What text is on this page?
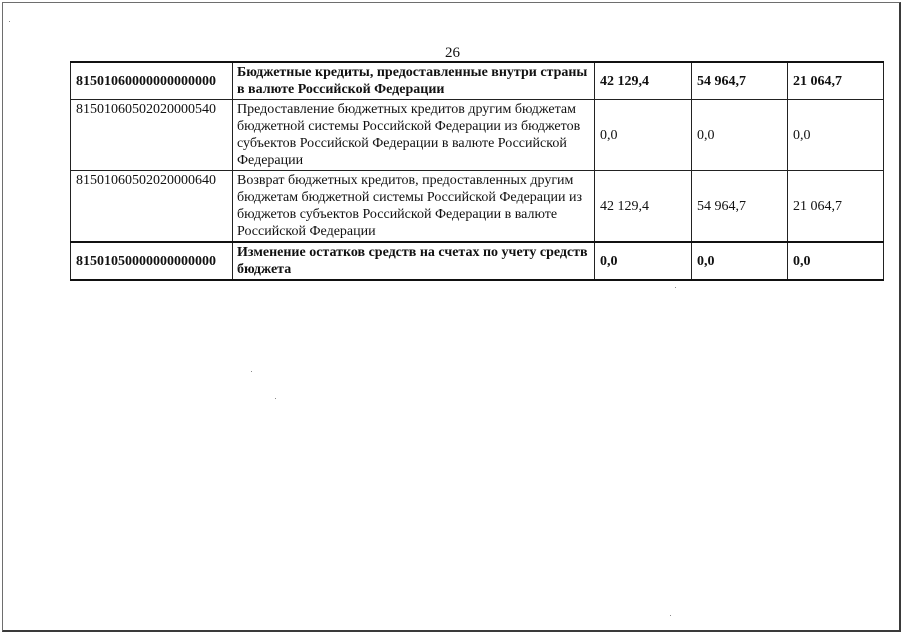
26
81501060000000000000	Бюджетные кредиты, предоставленные внутри страны в валюте Российской Федерации	42 129,4	54 964,7	21 064,7
81501060502020000540	Предоставление бюджетных кредитов другим бюджетам бюджетной системы Российской Федерации из бюджетов субъектов Российской Федерации в валюте Российской Федерации	0,0	0,0	0,0
81501060502020000640	Возврат бюджетных кредитов, предоставленных другим бюджетам бюджетной системы Российской Федерации из бюджетов субъектов Российской Федерации в валюте Российской Федерации	42 129,4	54 964,7	21 064,7
81501050000000000000	Изменение остатков средств на счетах по учету средств бюджета	0,0	0,0	0,0
